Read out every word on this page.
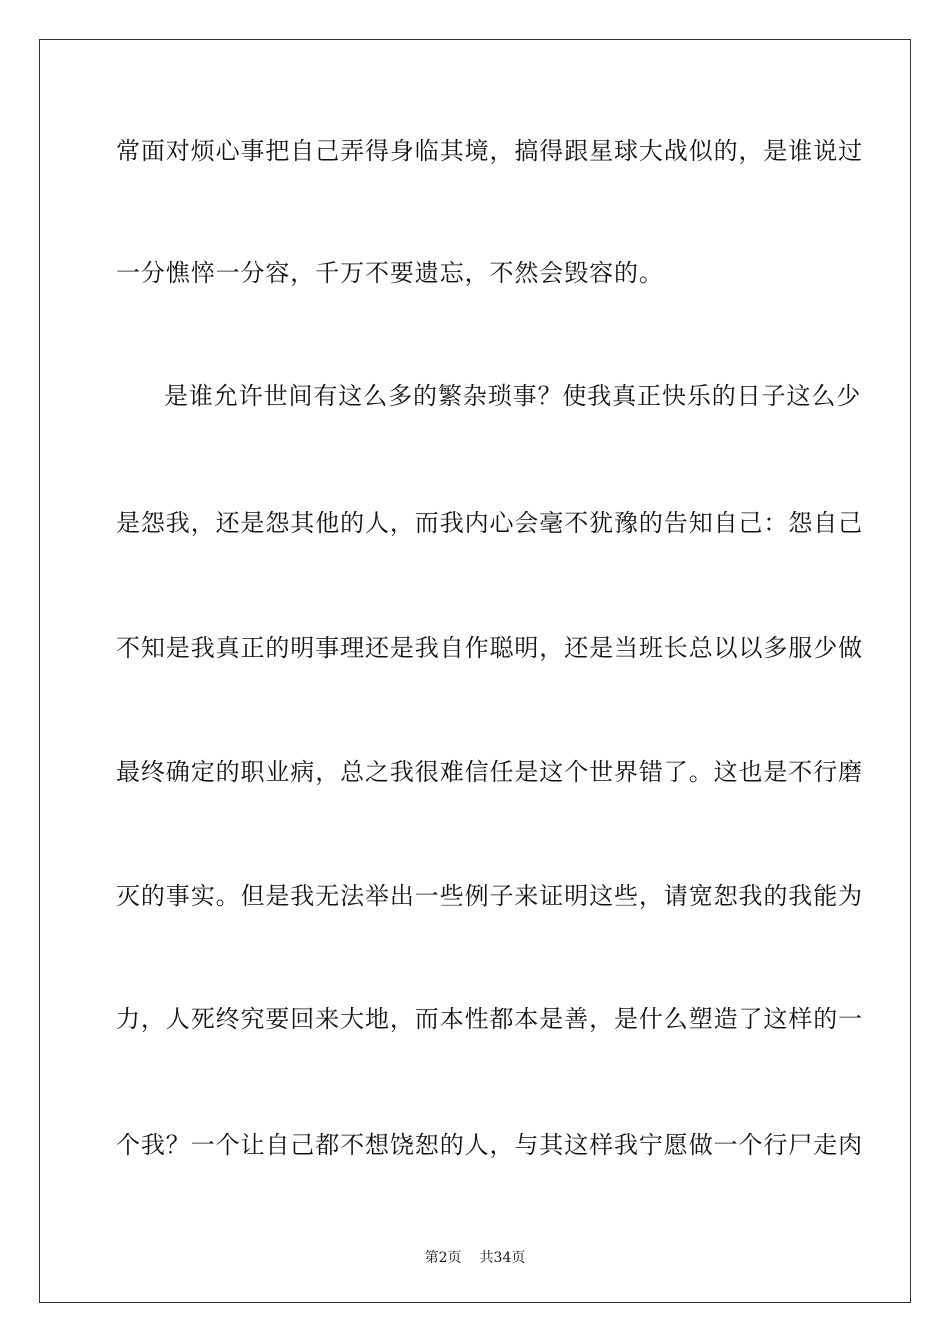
常面对烦心事把自己弄得身临其境，搞得跟星球大战似的，是谁说过
一分憔悴一分容，千万不要遗忘，不然会毁容的。
是谁允许世间有这么多的繁杂琐事？使我真正快乐的日子这么少
是怨我，还是怨其他的人，而我内心会毫不犹豫的告知自己：怨自己
不知是我真正的明事理还是我自作聪明，还是当班长总以以多服少做
最终确定的职业病，总之我很难信任是这个世界错了。这也是不行磨
灭的事实。但是我无法举出一些例子来证明这些，请宽恕我的我能为
力，人死终究要回来大地，而本性都本是善，是什么塑造了这样的一
个我？一个让自己都不想饶恕的人，与其这样我宁愿做一个行尸走肉
第2页 共34页
